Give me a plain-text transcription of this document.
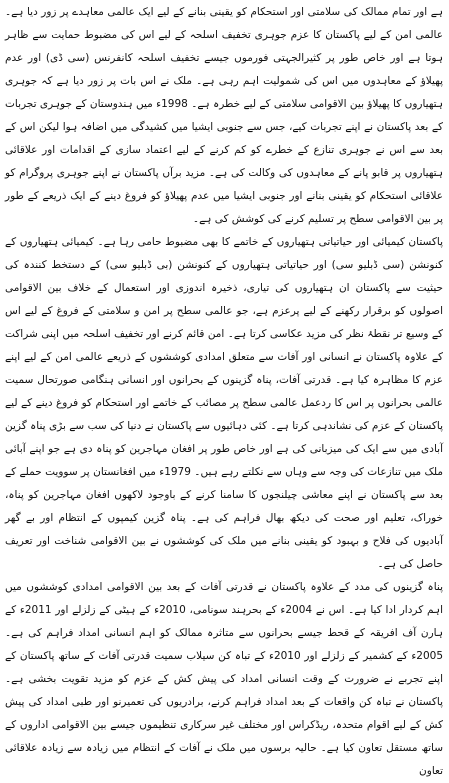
ہے اور تمام ممالک کی سلامتی اور استحکام کو یقینی بنانے کے لیے ایک عالمی معاہدے پر زور دیا ہے۔ عالمی امن کے لیے پاکستان کا عزم جوہری تخفیف اسلحہ کے لیے اس کی مضبوط حمایت سے ظاہر ہوتا ہے اور خاص طور پر کثیرالجہتی فورموں جیسے تخفیف اسلحہ کانفرنس (سی ڈی) اور عدم پھیلاؤ کے معاہدوں میں اس کی شمولیت اہم رہی ہے۔ ملک نے اس بات پر زور دیا ہے کہ جوہری ہتھیاروں کا پھیلاؤ بین الاقوامی سلامتی کے لیے خطرہ ہے۔ 1998ء میں ہندوستان کے جوہری تجربات کے بعد پاکستان نے اپنے تجربات کیے، جس سے جنوبی ایشیا میں کشیدگی میں اضافہ ہوا لیکن اس کے بعد سے اس نے جوہری تنازع کے خطرے کو کم کرنے کے لیے اعتماد سازی کے اقدامات اور علاقائی ہتھیاروں پر قابو پانے کے معاہدوں کی وکالت کی ہے۔ مزید برآں پاکستان نے اپنے جوہری پروگرام کو علاقائی استحکام کو یقینی بنانے اور جنوبی ایشیا میں عدم پھیلاؤ کو فروغ دینے کے ایک ذریعے کے طور پر بین الاقوامی سطح پر تسلیم کرنے کی کوشش کی ہے۔

پاکستان کیمیائی اور حیاتیاتی ہتھیاروں کے خاتمے کا بھی مضبوط حامی رہا ہے۔ کیمیائی ہتھیاروں کے کنونشن (سی ڈبلیو سی) اور حیاتیاتی ہتھیاروں کے کنونشن (بی ڈبلیو سی) کے دستخط کنندہ کی حیثیت سے پاکستان ان ہتھیاروں کی تیاری، ذخیرہ اندوزی اور استعمال کے خلاف بین الاقوامی اصولوں کو برقرار رکھنے کے لیے پرعزم ہے، جو عالمی سطح پر امن و سلامتی کے فروغ کے لیے اس کے وسیع تر نقطۂ نظر کی مزید عکاسی کرتا ہے۔ امن قائم کرنے اور تخفیف اسلحہ میں اپنی شراکت کے علاوہ پاکستان نے انسانی اور آفات سے متعلق امدادی کوششوں کے ذریعے عالمی امن کے لیے اپنے عزم کا مظاہرہ کیا ہے۔ قدرتی آفات، پناہ گزینوں کے بحرانوں اور انسانی ہنگامی صورتحال سمیت عالمی بحرانوں پر اس کا ردعمل عالمی سطح پر مصائب کے خاتمے اور استحکام کو فروغ دینے کے لیے پاکستان کے عزم کی نشاندہی کرتا ہے۔ کئی دہائیوں سے پاکستان نے دنیا کی سب سے بڑی پناہ گزین آبادی میں سے ایک کی میزبانی کی ہے اور خاص طور پر افغان مہاجرین کو پناہ دی ہے جو اپنے آبائی ملک میں تنازعات کی وجہ سے وہاں سے نکلتے رہے ہیں۔ 1979ء میں افغانستان پر سوویت حملے کے بعد سے پاکستان نے اپنے معاشی چیلنجوں کا سامنا کرنے کے باوجود لاکھوں افغان مہاجرین کو پناہ، خوراک، تعلیم اور صحت کی دیکھ بھال فراہم کی ہے۔ پناہ گزین کیمپوں کے انتظام اور بے گھر آبادیوں کی فلاح و بہبود کو یقینی بنانے میں ملک کی کوششوں نے بین الاقوامی شناخت اور تعریف حاصل کی ہے۔

پناہ گزینوں کی مدد کے علاوہ پاکستان نے قدرتی آفات کے بعد بین الاقوامی امدادی کوششوں میں اہم کردار ادا کیا ہے۔ اس نے 2004ء کے بحرہند سونامی، 2010ء کے ہیٹی کے زلزلے اور 2011ء کے ہارن آف افریقہ کے قحط جیسے بحرانوں سے متاثرہ ممالک کو اہم انسانی امداد فراہم کی ہے۔ 2005ء کے کشمیر کے زلزلے اور 2010ء کے تباہ کن سیلاب سمیت قدرتی آفات کے ساتھ پاکستان کے اپنے تجربے نے ضرورت کے وقت انسانی امداد کی پیش کش کے عزم کو مزید تقویت بخشی ہے۔ پاکستان نے تباہ کن واقعات کے بعد امداد فراہم کرنے، برادریوں کی تعمیرنو اور طبی امداد کی پیش کش کے لیے اقوام متحدہ، ریڈکراس اور مختلف غیر سرکاری تنظیموں جیسے بین الاقوامی اداروں کے ساتھ مستقل تعاون کیا ہے۔ حالیہ برسوں میں ملک نے آفات کے انتظام میں زیادہ سے زیادہ علاقائی تعاون
